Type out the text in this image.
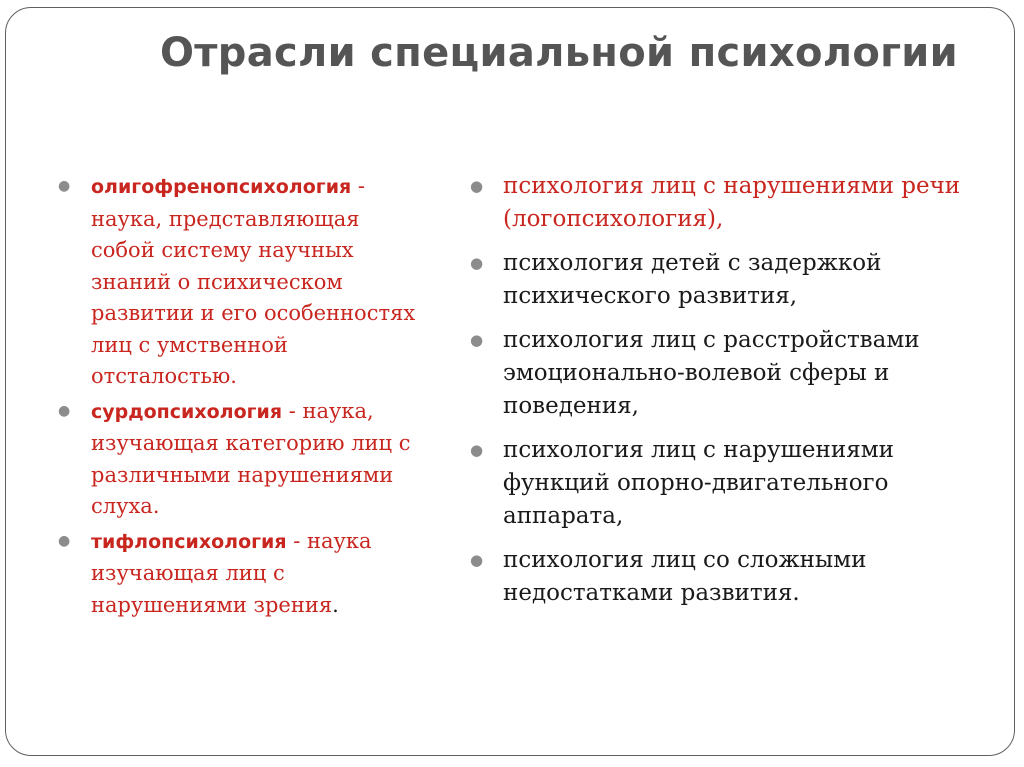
Отрасли специальной психологии
● олигофренопсихология - наука, представляющая собой систему научных знаний о психическом развитии и его особенностях лиц с умственной отсталостью.
● сурдопсихология - наука, изучающая категорию лиц с различными нарушениями слуха.
● тифлопсихология - наука изучающая лиц с нарушениями зрения.
● психология лиц с нарушениями речи (логопсихология),
● психология детей с задержкой психического развития,
● психология лиц с расстройствами эмоционально-волевой сферы и поведения,
● психология лиц с нарушениями функций опорно-двигательного аппарата,
● психология лиц со сложными недостатками развития.
